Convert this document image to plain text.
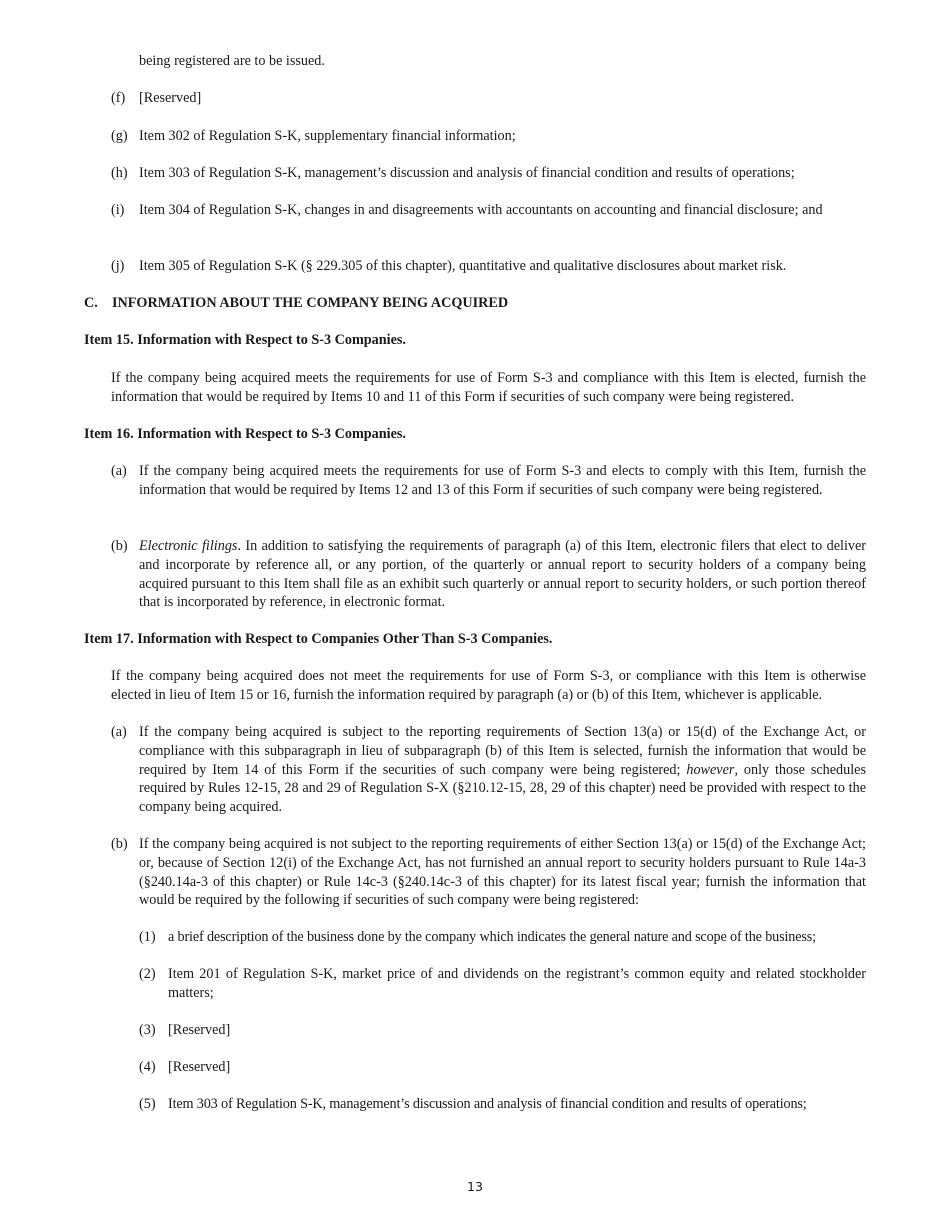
being registered are to be issued.
(f) [Reserved]
(g) Item 302 of Regulation S-K, supplementary financial information;
(h) Item 303 of Regulation S-K, management’s discussion and analysis of financial condition and results of operations;
(i) Item 304 of Regulation S-K, changes in and disagreements with accountants on accounting and financial disclosure; and
(j) Item 305 of Regulation S-K (§ 229.305 of this chapter), quantitative and qualitative disclosures about market risk.
C. INFORMATION ABOUT THE COMPANY BEING ACQUIRED
Item 15. Information with Respect to S-3 Companies.
If the company being acquired meets the requirements for use of Form S-3 and compliance with this Item is elected, furnish the information that would be required by Items 10 and 11 of this Form if securities of such company were being registered.
Item 16. Information with Respect to S-3 Companies.
(a) If the company being acquired meets the requirements for use of Form S-3 and elects to comply with this Item, furnish the information that would be required by Items 12 and 13 of this Form if securities of such company were being registered.
(b) Electronic filings. In addition to satisfying the requirements of paragraph (a) of this Item, electronic filers that elect to deliver and incorporate by reference all, or any portion, of the quarterly or annual report to security holders of a company being acquired pursuant to this Item shall file as an exhibit such quarterly or annual report to security holders, or such portion thereof that is incorporated by reference, in electronic format.
Item 17. Information with Respect to Companies Other Than S-3 Companies.
If the company being acquired does not meet the requirements for use of Form S-3, or compliance with this Item is otherwise elected in lieu of Item 15 or 16, furnish the information required by paragraph (a) or (b) of this Item, whichever is applicable.
(a) If the company being acquired is subject to the reporting requirements of Section 13(a) or 15(d) of the Exchange Act, or compliance with this subparagraph in lieu of subparagraph (b) of this Item is selected, furnish the information that would be required by Item 14 of this Form if the securities of such company were being registered; however, only those schedules required by Rules 12-15, 28 and 29 of Regulation S-X (§210.12-15, 28, 29 of this chapter) need be provided with respect to the company being acquired.
(b) If the company being acquired is not subject to the reporting requirements of either Section 13(a) or 15(d) of the Exchange Act; or, because of Section 12(i) of the Exchange Act, has not furnished an annual report to security holders pursuant to Rule 14a-3 (§240.14a-3 of this chapter) or Rule 14c-3 (§240.14c-3 of this chapter) for its latest fiscal year; furnish the information that would be required by the following if securities of such company were being registered:
(1) a brief description of the business done by the company which indicates the general nature and scope of the business;
(2) Item 201 of Regulation S-K, market price of and dividends on the registrant’s common equity and related stockholder matters;
(3) [Reserved]
(4) [Reserved]
(5) Item 303 of Regulation S-K, management’s discussion and analysis of financial condition and results of operations;
13
